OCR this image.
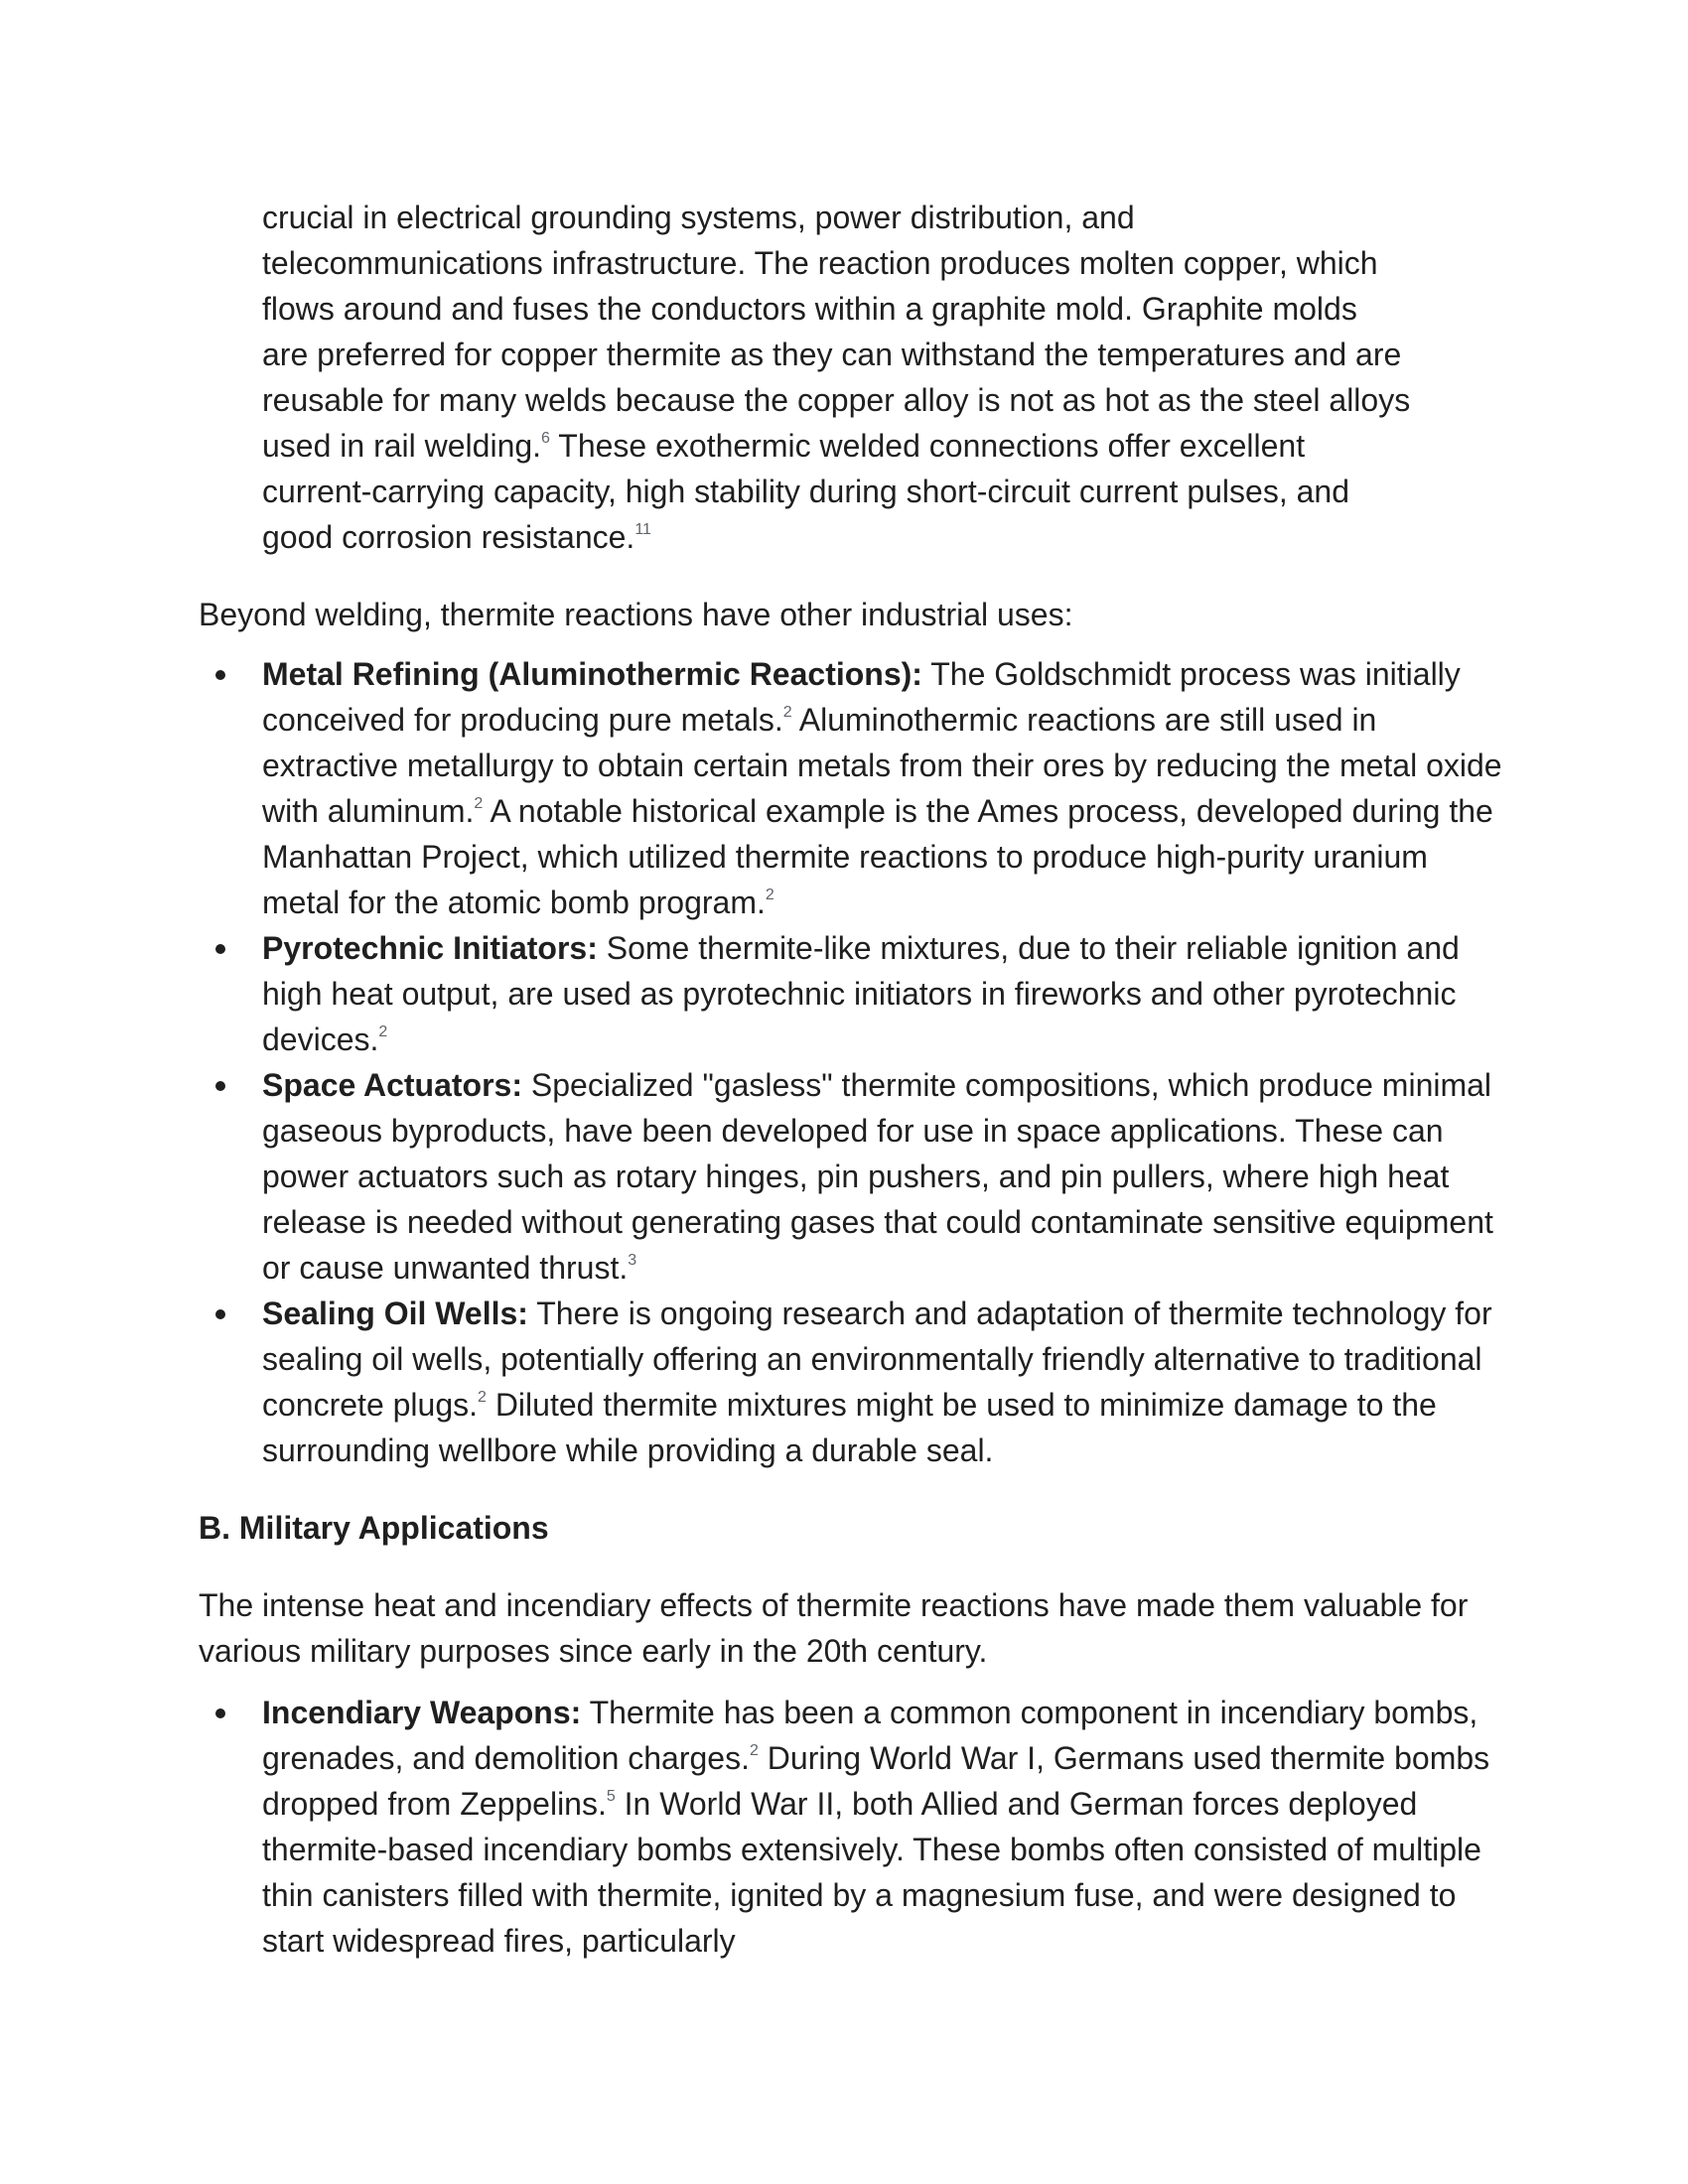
crucial in electrical grounding systems, power distribution, and
telecommunications infrastructure. The reaction produces molten copper, which
flows around and fuses the conductors within a graphite mold. Graphite molds
are preferred for copper thermite as they can withstand the temperatures and are
reusable for many welds because the copper alloy is not as hot as the steel alloys
used in rail welding.$^6$ These exothermic welded connections offer excellent
current-carrying capacity, high stability during short-circuit current pulses, and
good corrosion resistance.$^{11}$

Beyond welding, thermite reactions have other industrial uses:

Metal Refining (Aluminothermic Reactions): The Goldschmidt process was initially conceived for producing pure metals.$^2$ Aluminothermic reactions are still used in extractive metallurgy to obtain certain metals from their ores by reducing the metal oxide with aluminum.$^2$ A notable historical example is the Ames process, developed during the Manhattan Project, which utilized thermite reactions to produce high-purity uranium metal for the atomic bomb program.$^2$
Pyrotechnic Initiators: Some thermite-like mixtures, due to their reliable ignition and high heat output, are used as pyrotechnic initiators in fireworks and other pyrotechnic devices.$^2$
Space Actuators: Specialized "gasless" thermite compositions, which produce minimal gaseous byproducts, have been developed for use in space applications. These can power actuators such as rotary hinges, pin pushers, and pin pullers, where high heat release is needed without generating gases that could contaminate sensitive equipment or cause unwanted thrust.$^3$
Sealing Oil Wells: There is ongoing research and adaptation of thermite technology for sealing oil wells, potentially offering an environmentally friendly alternative to traditional concrete plugs.$^2$ Diluted thermite mixtures might be used to minimize damage to the surrounding wellbore while providing a durable seal.
B. Military Applications

The intense heat and incendiary effects of thermite reactions have made them valuable for various military purposes since early in the 20th century.

Incendiary Weapons: Thermite has been a common component in incendiary bombs, grenades, and demolition charges.$^2$ During World War I, Germans used thermite bombs dropped from Zeppelins.$^5$ In World War II, both Allied and German forces deployed thermite-based incendiary bombs extensively. These bombs often consisted of multiple thin canisters filled with thermite, ignited by a magnesium fuse, and were designed to start widespread fires, particularly
